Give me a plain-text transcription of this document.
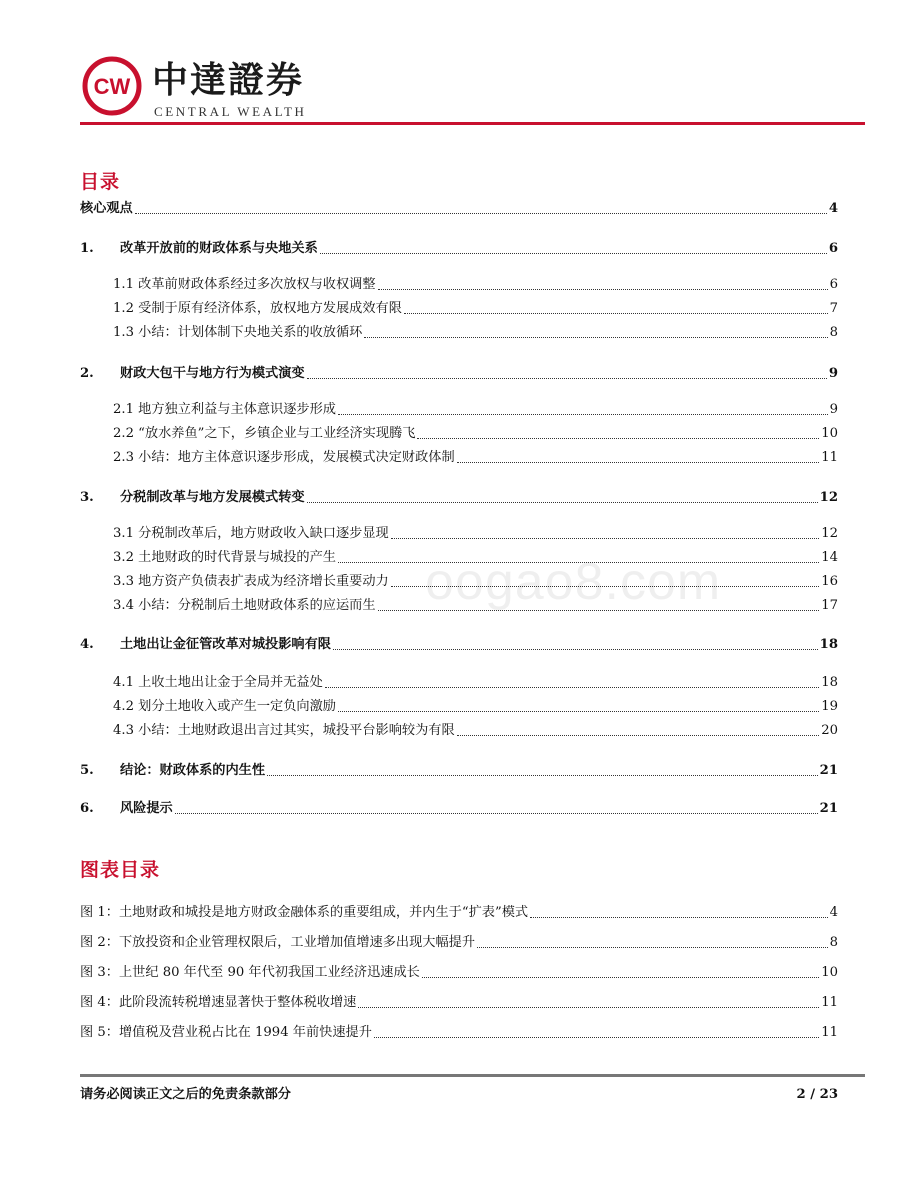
CW 中達證券
CENTRAL WEALTH
目录
核心观点	4
1.	改革开放前的财政体系与央地关系	6
1.1 改革前财政体系经过多次放权与收权调整	6
1.2 受制于原有经济体系，放权地方发展成效有限	7
1.3 小结：计划体制下央地关系的收放循环	8
2.	财政大包干与地方行为模式演变	9
2.1 地方独立利益与主体意识逐步形成	9
2.2 “放水养鱼”之下，乡镇企业与工业经济实现腾飞	10
2.3 小结：地方主体意识逐步形成，发展模式决定财政体制	11
3.	分税制改革与地方发展模式转变	12
3.1 分税制改革后，地方财政收入缺口逐步显现	12
3.2 土地财政的时代背景与城投的产生	14
3.3 地方资产负债表扩表成为经济增长重要动力	16
3.4 小结：分税制后土地财政体系的应运而生	17
4.	土地出让金征管改革对城投影响有限	18
4.1 上收土地出让金于全局并无益处	18
4.2 划分土地收入或产生一定负向激励	19
4.3 小结：土地财政退出言过其实，城投平台影响较为有限	20
5.	结论：财政体系的内生性	21
6.	风险提示	21
图表目录
图 1：土地财政和城投是地方财政金融体系的重要组成，并内生于“扩表”模式	4
图 2：下放投资和企业管理权限后，工业增加值增速多出现大幅提升	8
图 3：上世纪 80 年代至 90 年代初我国工业经济迅速成长	10
图 4：此阶段流转税增速显著快于整体税收增速	11
图 5：增值税及营业税占比在 1994 年前快速提升	11
oogao8.com
请务必阅读正文之后的免责条款部分	2 / 23
